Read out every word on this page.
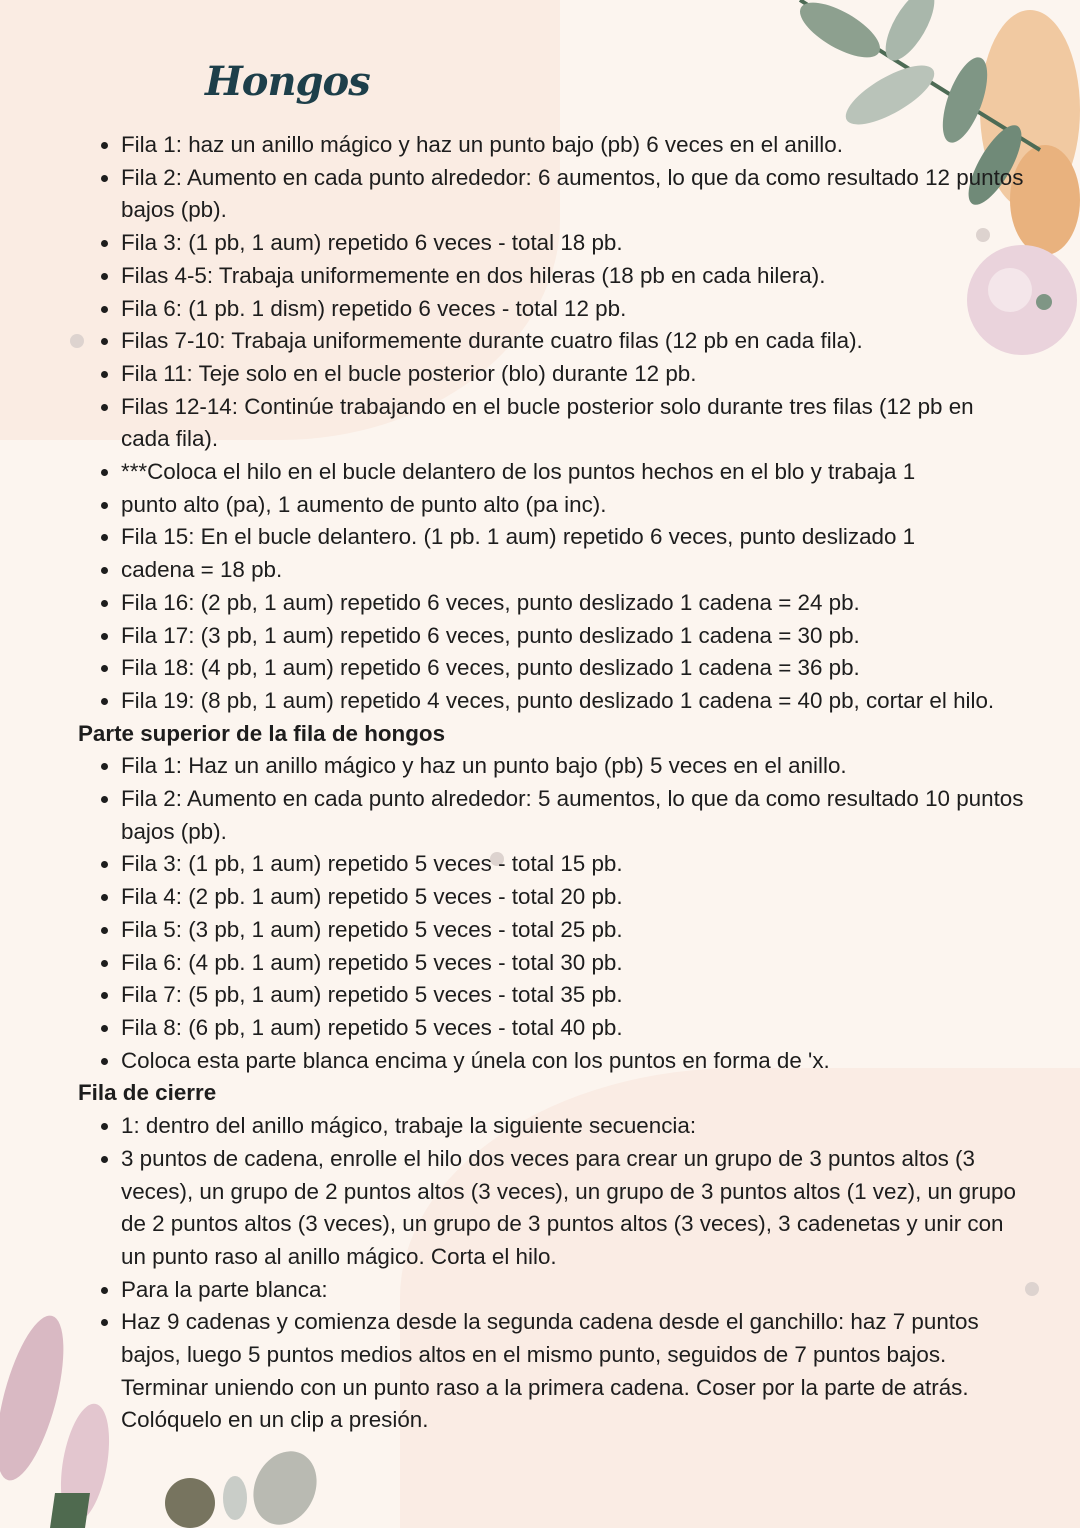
Hongos
Fila 1: haz un anillo mágico y haz un punto bajo (pb) 6 veces en el anillo.
Fila 2: Aumento en cada punto alrededor: 6 aumentos, lo que da como resultado 12 puntos bajos (pb).
Fila 3: (1 pb, 1 aum) repetido 6 veces - total 18 pb.
Filas 4-5: Trabaja uniformemente en dos hileras (18 pb en cada hilera).
Fila 6: (1 pb. 1 dism) repetido 6 veces - total 12 pb.
Filas 7-10: Trabaja uniformemente durante cuatro filas (12 pb en cada fila).
Fila 11: Teje solo en el bucle posterior (blo) durante 12 pb.
Filas 12-14: Continúe trabajando en el bucle posterior solo durante tres filas (12 pb en cada fila).
***Coloca el hilo en el bucle delantero de los puntos hechos en el blo y trabaja 1
punto alto (pa), 1 aumento de punto alto (pa inc).
Fila 15: En el bucle delantero. (1 pb. 1 aum) repetido 6 veces, punto deslizado 1
cadena = 18 pb.
Fila 16: (2 pb, 1 aum) repetido 6 veces, punto deslizado 1 cadena = 24 pb.
Fila 17: (3 pb, 1 aum) repetido 6 veces, punto deslizado 1 cadena = 30 pb.
Fila 18: (4 pb, 1 aum) repetido 6 veces, punto deslizado 1 cadena = 36 pb.
Fila 19: (8 pb, 1 aum) repetido 4 veces, punto deslizado 1 cadena = 40 pb, cortar el hilo.
Parte superior de la fila de hongos
Fila 1: Haz un anillo mágico y haz un punto bajo (pb) 5 veces en el anillo.
Fila 2: Aumento en cada punto alrededor: 5 aumentos, lo que da como resultado 10 puntos bajos (pb).
Fila 3: (1 pb, 1 aum) repetido 5 veces - total 15 pb.
Fila 4: (2 pb. 1 aum) repetido 5 veces - total 20 pb.
Fila 5: (3 pb, 1 aum) repetido 5 veces - total 25 pb.
Fila 6: (4 pb. 1 aum) repetido 5 veces - total 30 pb.
Fila 7: (5 pb, 1 aum) repetido 5 veces - total 35 pb.
Fila 8: (6 pb, 1 aum) repetido 5 veces - total 40 pb.
Coloca esta parte blanca encima y únela con los puntos en forma de 'x.
Fila de cierre
1: dentro del anillo mágico, trabaje la siguiente secuencia:
3 puntos de cadena, enrolle el hilo dos veces para crear un grupo de 3 puntos altos (3 veces), un grupo de 2 puntos altos (3 veces), un grupo de 3 puntos altos (1 vez), un grupo de 2 puntos altos (3 veces), un grupo de 3 puntos altos (3 veces), 3 cadenetas y unir con un punto raso al anillo mágico. Corta el hilo.
Para la parte blanca:
Haz 9 cadenas y comienza desde la segunda cadena desde el ganchillo: haz 7 puntos bajos, luego 5 puntos medios altos en el mismo punto, seguidos de 7 puntos bajos. Terminar uniendo con un punto raso a la primera cadena. Coser por la parte de atrás. Colóquelo en un clip a presión.
